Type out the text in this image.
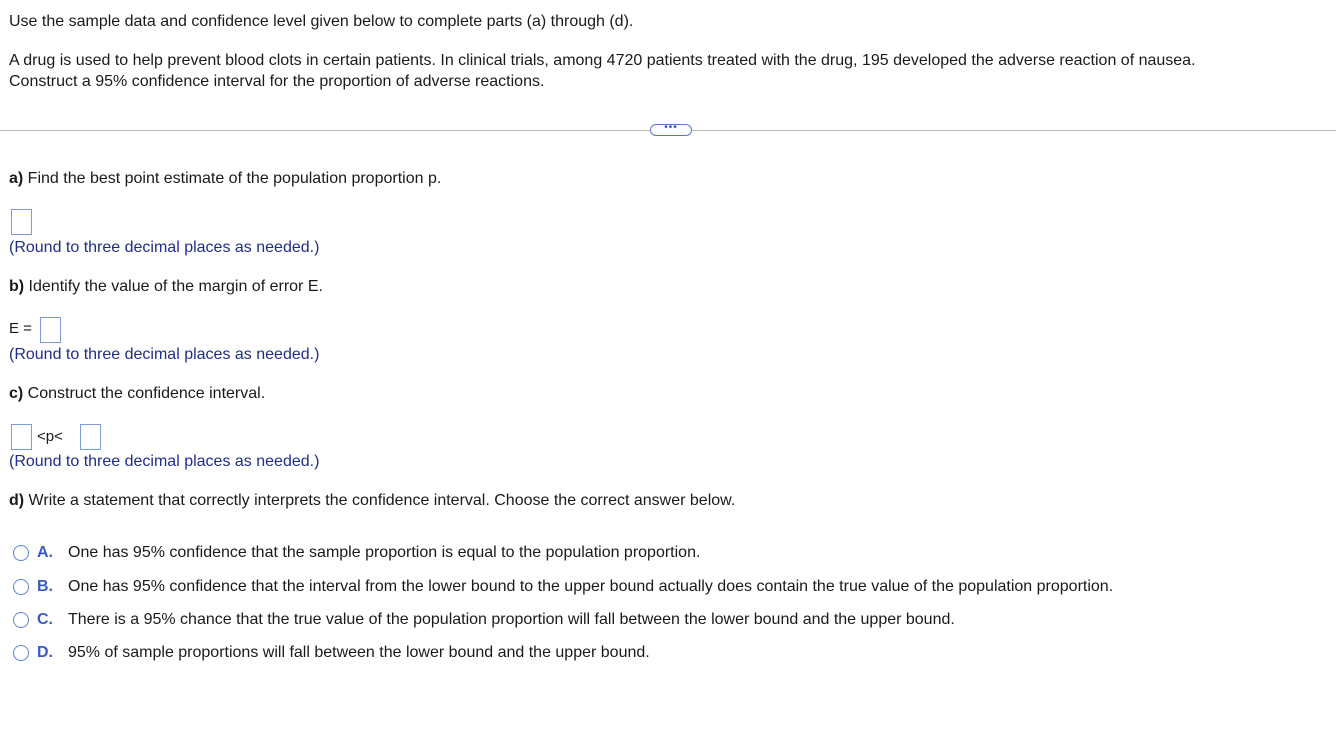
Use the sample data and confidence level given below to complete parts (a) through (d).
A drug is used to help prevent blood clots in certain patients. In clinical trials, among 4720 patients treated with the drug, 195 developed the adverse reaction of nausea.
Construct a 95% confidence interval for the proportion of adverse reactions.
•••
a) Find the best point estimate of the population proportion p.
(Round to three decimal places as needed.)
b) Identify the value of the margin of error E.
E =
(Round to three decimal places as needed.)
c) Construct the confidence interval.
<p<
(Round to three decimal places as needed.)
d) Write a statement that correctly interprets the confidence interval. Choose the correct answer below.
A. One has 95% confidence that the sample proportion is equal to the population proportion.
B. One has 95% confidence that the interval from the lower bound to the upper bound actually does contain the true value of the population proportion.
C. There is a 95% chance that the true value of the population proportion will fall between the lower bound and the upper bound.
D. 95% of sample proportions will fall between the lower bound and the upper bound.
